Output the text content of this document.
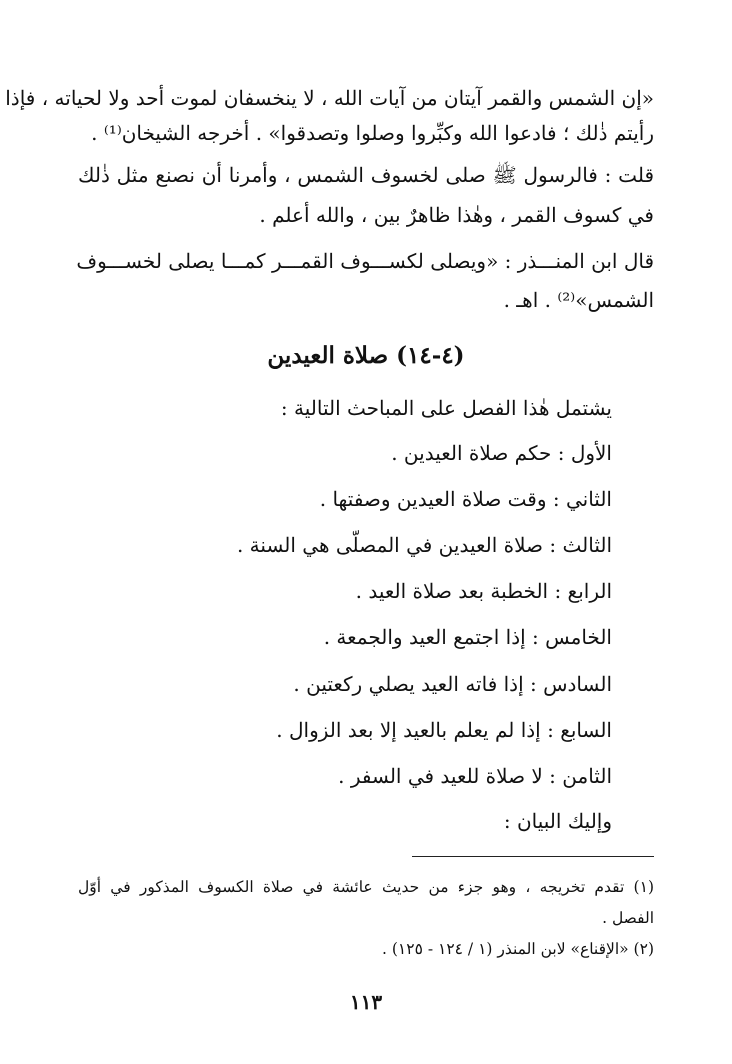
«إن الشمس والقمر آيتان من آيات الله ، لا ينخسفان لموت أحد ولا لحياته ، فإذا
رأيتم ذٰلك ؛ فادعوا الله وكبِّروا وصلوا وتصدقوا» . أخرجه الشيخان⁽¹⁾ .
قلت : فالرسول ﷺ صلى لخسوف الشمس ، وأمرنا أن نصنع مثل ذٰلك
في كسوف القمر ، وهٰذا ظاهرٌ بين ، والله أعلم .
قال ابن المنـــذر : «ويصلى لكســـوف القمـــر كمـــا يصلى لخســـوف
الشمس»⁽²⁾ . اهـ .
(٤-١٤) صلاة العيدين
يشتمل هٰذا الفصل على المباحث التالية :
الأول : حكم صلاة العيدين .
الثاني : وقت صلاة العيدين وصفتها .
الثالث : صلاة العيدين في المصلّى هي السنة .
الرابع : الخطبة بعد صلاة العيد .
الخامس : إذا اجتمع العيد والجمعة .
السادس : إذا فاته العيد يصلي ركعتين .
السابع : إذا لم يعلم بالعيد إلا بعد الزوال .
الثامن : لا صلاة للعيد في السفر .
وإليك البيان :
(١) تقدم تخريجه ، وهو جزء من حديث عائشة في صلاة الكسوف المذكور في أوّل
الفصل .
(٢) «الإقناع» لابن المنذر (١ / ١٢٤ - ١٢٥) .
١١٣
